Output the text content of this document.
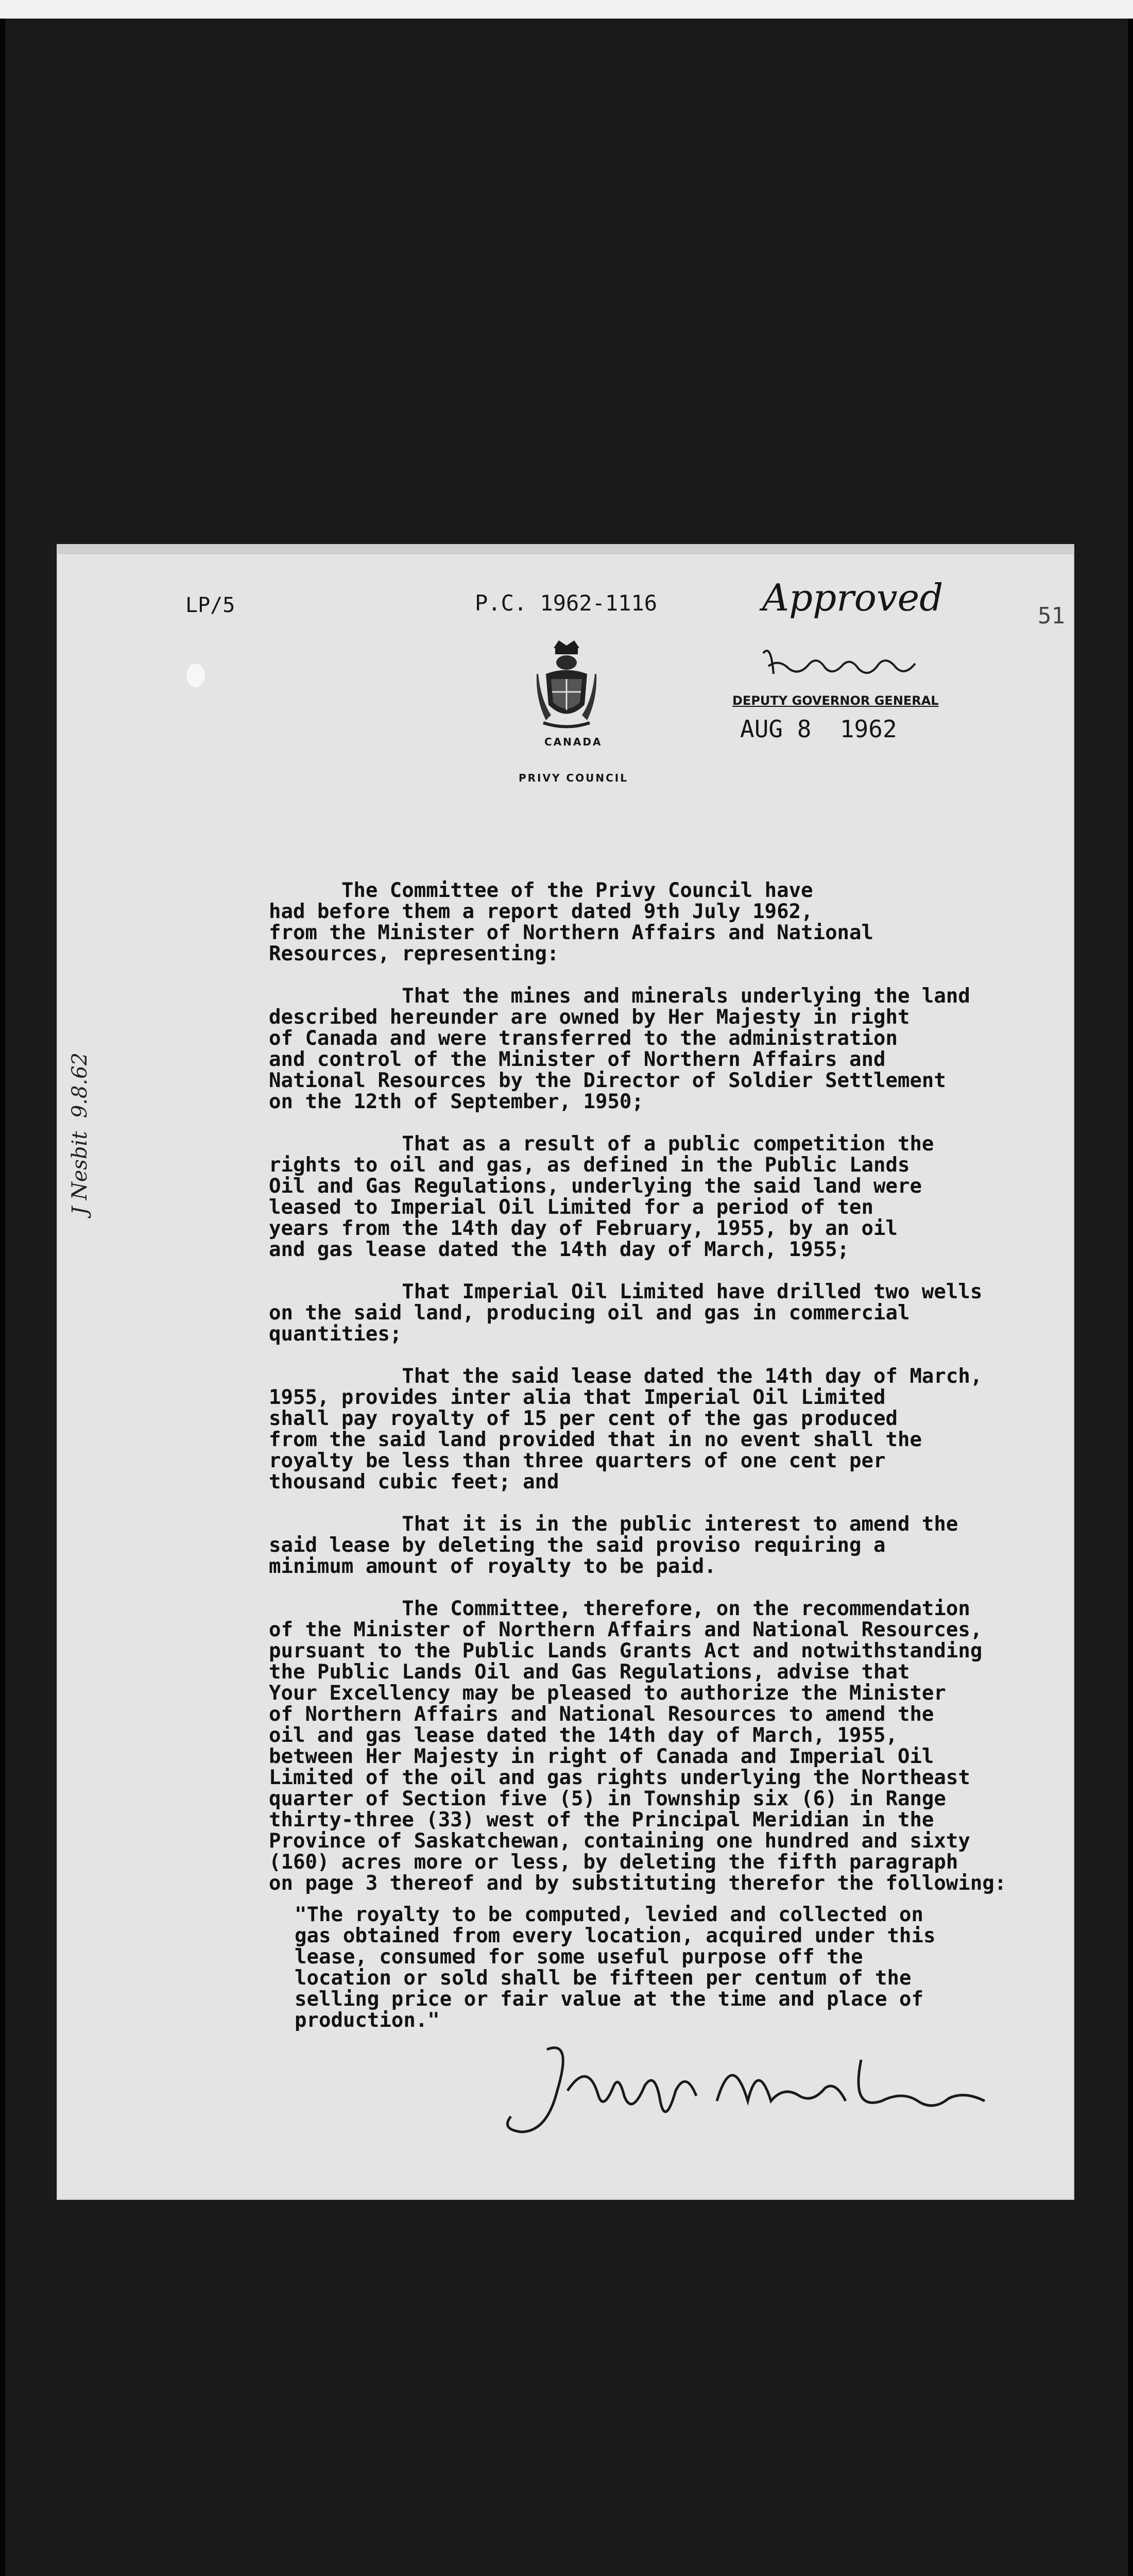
LP/5	P.C. 1962-1116	51
CANADA
PRIVY COUNCIL
Approved
DEPUTY GOVERNOR GENERAL
AUG 8  1962

The Committee of the Privy Council have
had before them a report dated 9th July 1962,
from the Minister of Northern Affairs and National
Resources, representing:

That the mines and minerals underlying the land
described hereunder are owned by Her Majesty in right
of Canada and were transferred to the administration
and control of the Minister of Northern Affairs and
National Resources by the Director of Soldier Settlement
on the 12th of September, 1950;

That as a result of a public competition the
rights to oil and gas, as defined in the Public Lands
Oil and Gas Regulations, underlying the said land were
leased to Imperial Oil Limited for a period of ten
years from the 14th day of February, 1955, by an oil
and gas lease dated the 14th day of March, 1955;

That Imperial Oil Limited have drilled two wells
on the said land, producing oil and gas in commercial
quantities;

That the said lease dated the 14th day of March,
1955, provides inter alia that Imperial Oil Limited
shall pay royalty of 15 per cent of the gas produced
from the said land provided that in no event shall the
royalty be less than three quarters of one cent per
thousand cubic feet; and

That it is in the public interest to amend the
said lease by deleting the said proviso requiring a
minimum amount of royalty to be paid.

The Committee, therefore, on the recommendation
of the Minister of Northern Affairs and National Resources,
pursuant to the Public Lands Grants Act and notwithstanding
the Public Lands Oil and Gas Regulations, advise that
Your Excellency may be pleased to authorize the Minister
of Northern Affairs and National Resources to amend the
oil and gas lease dated the 14th day of March, 1955,
between Her Majesty in right of Canada and Imperial Oil
Limited of the oil and gas rights underlying the Northeast
quarter of Section five (5) in Township six (6) in Range
thirty-three (33) west of the Principal Meridian in the
Province of Saskatchewan, containing one hundred and sixty
(160) acres more or less, by deleting the fifth paragraph
on page 3 thereof and by substituting therefor the following:

"The royalty to be computed, levied and collected on
gas obtained from every location, acquired under this
lease, consumed for some useful purpose off the
location or sold shall be fifteen per centum of the
selling price or fair value at the time and place of
production."

J Nesbit  9.8.62
